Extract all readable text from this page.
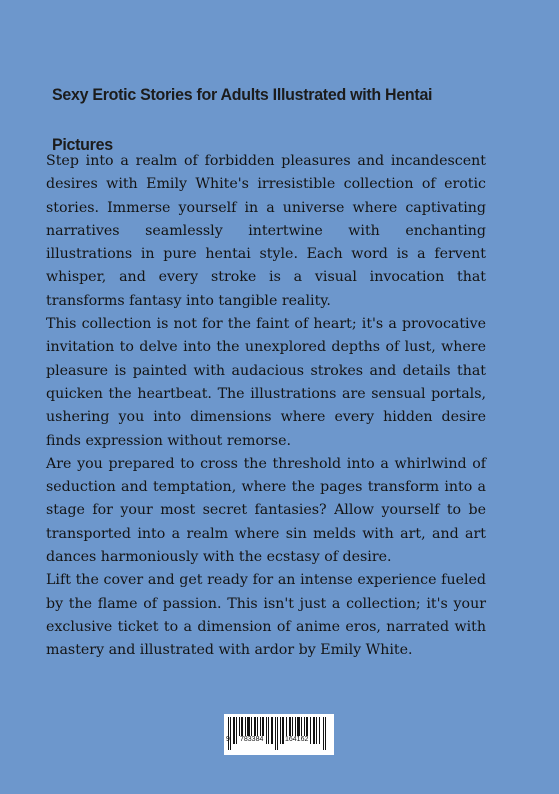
Sexy Erotic Stories for Adults Illustrated with Hentai Pictures

Step into a realm of forbidden pleasures and incandescent desires with Emily White's irresistible collection of erotic stories. Immerse yourself in a universe where captivating narratives seamlessly intertwine with enchanting illustrations in pure hentai style. Each word is a fervent whisper, and every stroke is a visual invocation that transforms fantasy into tangible reality.

This collection is not for the faint of heart; it's a provocative invitation to delve into the unexplored depths of lust, where pleasure is painted with audacious strokes and details that quicken the heartbeat. The illustrations are sensual portals, ushering you into dimensions where every hidden desire finds expression without remorse.

Are you prepared to cross the threshold into a whirlwind of seduction and temptation, where the pages transform into a stage for your most secret fantasies? Allow yourself to be transported into a realm where sin melds with art, and art dances harmoniously with the ecstasy of desire.

Lift the cover and get ready for an intense experience fueled by the flame of passion. This isn't just a collection; it's your exclusive ticket to a dimension of anime eros, narrated with mastery and illustrated with ardor by Emily White.

9 783384	164162
